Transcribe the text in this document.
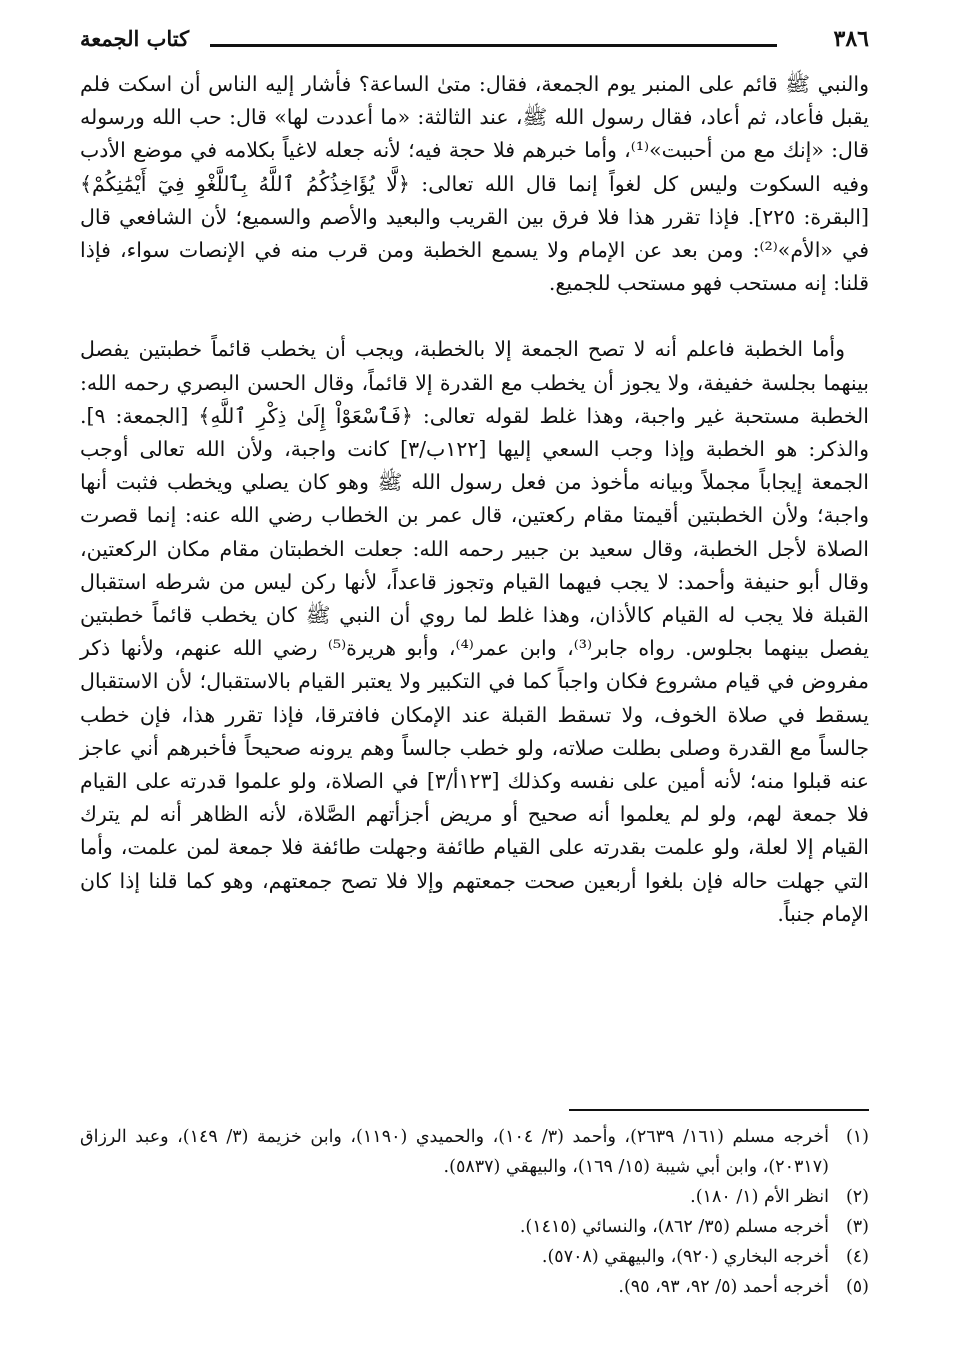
٣٨٦
كتاب الجمعة

والنبي ﷺ قائم على المنبر يوم الجمعة، فقال: متىٰ الساعة؟ فأشار إليه الناس أن اسكت فلم يقبل فأعاد، ثم أعاد، فقال رسول الله ﷺ، عند الثالثة: «ما أعددت لها» قال: حب الله ورسوله قال: «إنك مع من أحببت»⁽¹⁾، وأما خبرهم فلا حجة فيه؛ لأنه جعله لاغياً بكلامه في موضع الأدب وفيه السكوت وليس كل لغواً إنما قال الله تعالى: ﴿لَّا يُؤَاخِذُكُمُ ٱللَّهُ بِٱللَّغْوِ فِيٓ أَيْمَٰنِكُمْ﴾ [البقرة: ٢٢٥]. فإذا تقرر هذا فلا فرق بين القريب والبعيد والأصم والسميع؛ لأن الشافعي قال في «الأم»⁽²⁾: ومن بعد عن الإمام ولا يسمع الخطبة ومن قرب منه في الإنصات سواء، فإذا قلنا: إنه مستحب فهو مستحب للجميع.

وأما الخطبة فاعلم أنه لا تصح الجمعة إلا بالخطبة، ويجب أن يخطب قائماً خطبتين يفصل بينهما بجلسة خفيفة، ولا يجوز أن يخطب مع القدرة إلا قائماً، وقال الحسن البصري رحمه الله: الخطبة مستحبة غير واجبة، وهذا غلط لقوله تعالى: ﴿فَٱسْعَوْاْ إِلَىٰ ذِكْرِ ٱللَّهِ﴾ [الجمعة: ٩]. والذكر: هو الخطبة وإذا وجب السعي إليها [١٢٢ب/٣] كانت واجبة، ولأن الله تعالى أوجب الجمعة إيجاباً مجملاً وبيانه مأخوذ من فعل رسول الله ﷺ وهو كان يصلي ويخطب فثبت أنها واجبة؛ ولأن الخطبتين أقيمتا مقام ركعتين، قال عمر بن الخطاب رضي الله عنه: إنما قصرت الصلاة لأجل الخطبة، وقال سعيد بن جبير رحمه الله: جعلت الخطبتان مقام مكان الركعتين، وقال أبو حنيفة وأحمد: لا يجب فيهما القيام وتجوز قاعداً، لأنها ركن ليس من شرطه استقبال القبلة فلا يجب له القيام كالأذان، وهذا غلط لما روي أن النبي ﷺ كان يخطب قائماً خطبتين يفصل بينهما بجلوس. رواه جابر⁽³⁾، وابن عمر⁽⁴⁾، وأبو هريرة⁽⁵⁾ رضي الله عنهم، ولأنها ذكر مفروض في قيام مشروع فكان واجباً كما في التكبير ولا يعتبر القيام بالاستقبال؛ لأن الاستقبال يسقط في صلاة الخوف، ولا تسقط القبلة عند الإمكان فافترقا، فإذا تقرر هذا، فإن خطب جالساً مع القدرة وصلى بطلت صلاته، ولو خطب جالساً وهم يرونه صحيحاً فأخبرهم أني عاجز عنه قبلوا منه؛ لأنه أمين على نفسه وكذلك [١٢٣أ/٣] في الصلاة، ولو علموا قدرته على القيام فلا جمعة لهم، ولو لم يعلموا أنه صحيح أو مريض أجزأتهم الصَّلاة، لأنه الظاهر أنه لم يترك القيام إلا لعلة، ولو علمت بقدرته على القيام طائفة وجهلت طائفة فلا جمعة لمن علمت، وأما التي جهلت حاله فإن بلغوا أربعين صحت جمعتهم وإلا فلا تصح جمعتهم، وهو كما قلنا إذا كان الإمام جنباً.

(١)
أخرجه مسلم (١٦١/ ٢٦٣٩)، وأحمد (٣/ ١٠٤)، والحميدي (١١٩٠)، وابن خزيمة (٣/ ١٤٩)، وعبد الرزاق (٢٠٣١٧)، وابن أبي شيبة (١٥/ ١٦٩)، والبيهقي (٥٨٣٧).
(٢)
انظر الأم (١/ ١٨٠).
(٣)
أخرجه مسلم (٣٥/ ٨٦٢)، والنسائي (١٤١٥).
(٤)
أخرجه البخاري (٩٢٠)، والبيهقي (٥٧٠٨).
(٥)
أخرجه أحمد (٥/ ٩٢، ٩٣، ٩٥).
